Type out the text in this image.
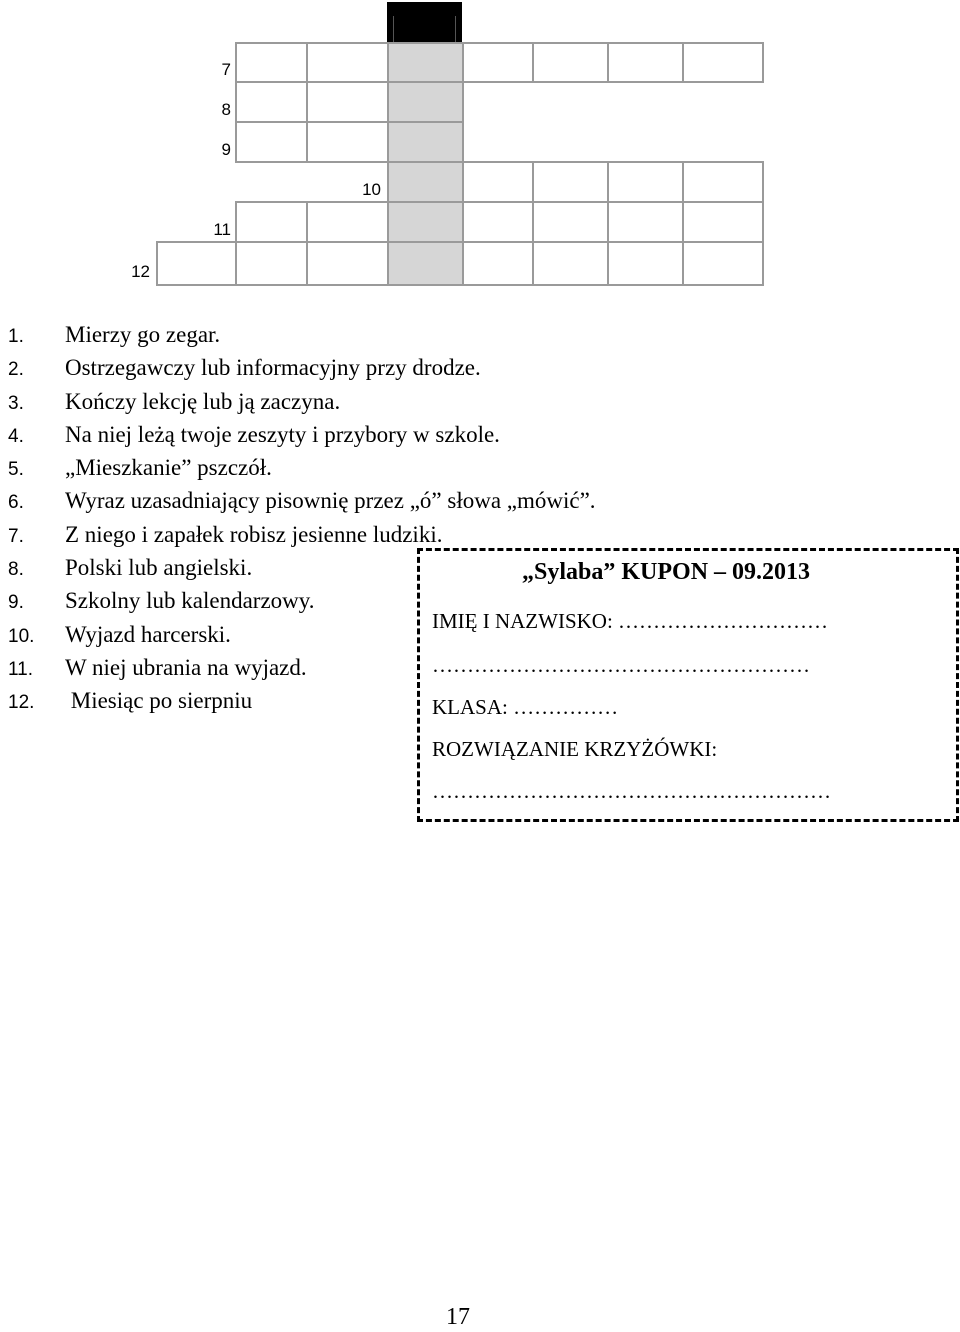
7
8
9
10
11
12
1. Mierzy go zegar.
2. Ostrzegawczy lub informacyjny przy drodze.
3. Kończy lekcję lub ją zaczyna.
4. Na niej leżą twoje zeszyty i przybory w szkole.
5. „Mieszkanie” pszczół.
6. Wyraz uzasadniający pisownię przez „ó” słowa „mówić”.
7. Z niego i zapałek robisz jesienne ludziki.
8. Polski lub angielski.
9. Szkolny lub kalendarzowy.
10. Wyjazd harcerski.
11. W niej ubrania na wyjazd.
12. Miesiąc po sierpniu
„Sylaba” KUPON – 09.2013
IMIĘ I NAZWISKO: …………………………
………………………………………………
KLASA: ……………
ROZWIĄZANIE KRZYŻÓWKI:
…………………………………………………
17
